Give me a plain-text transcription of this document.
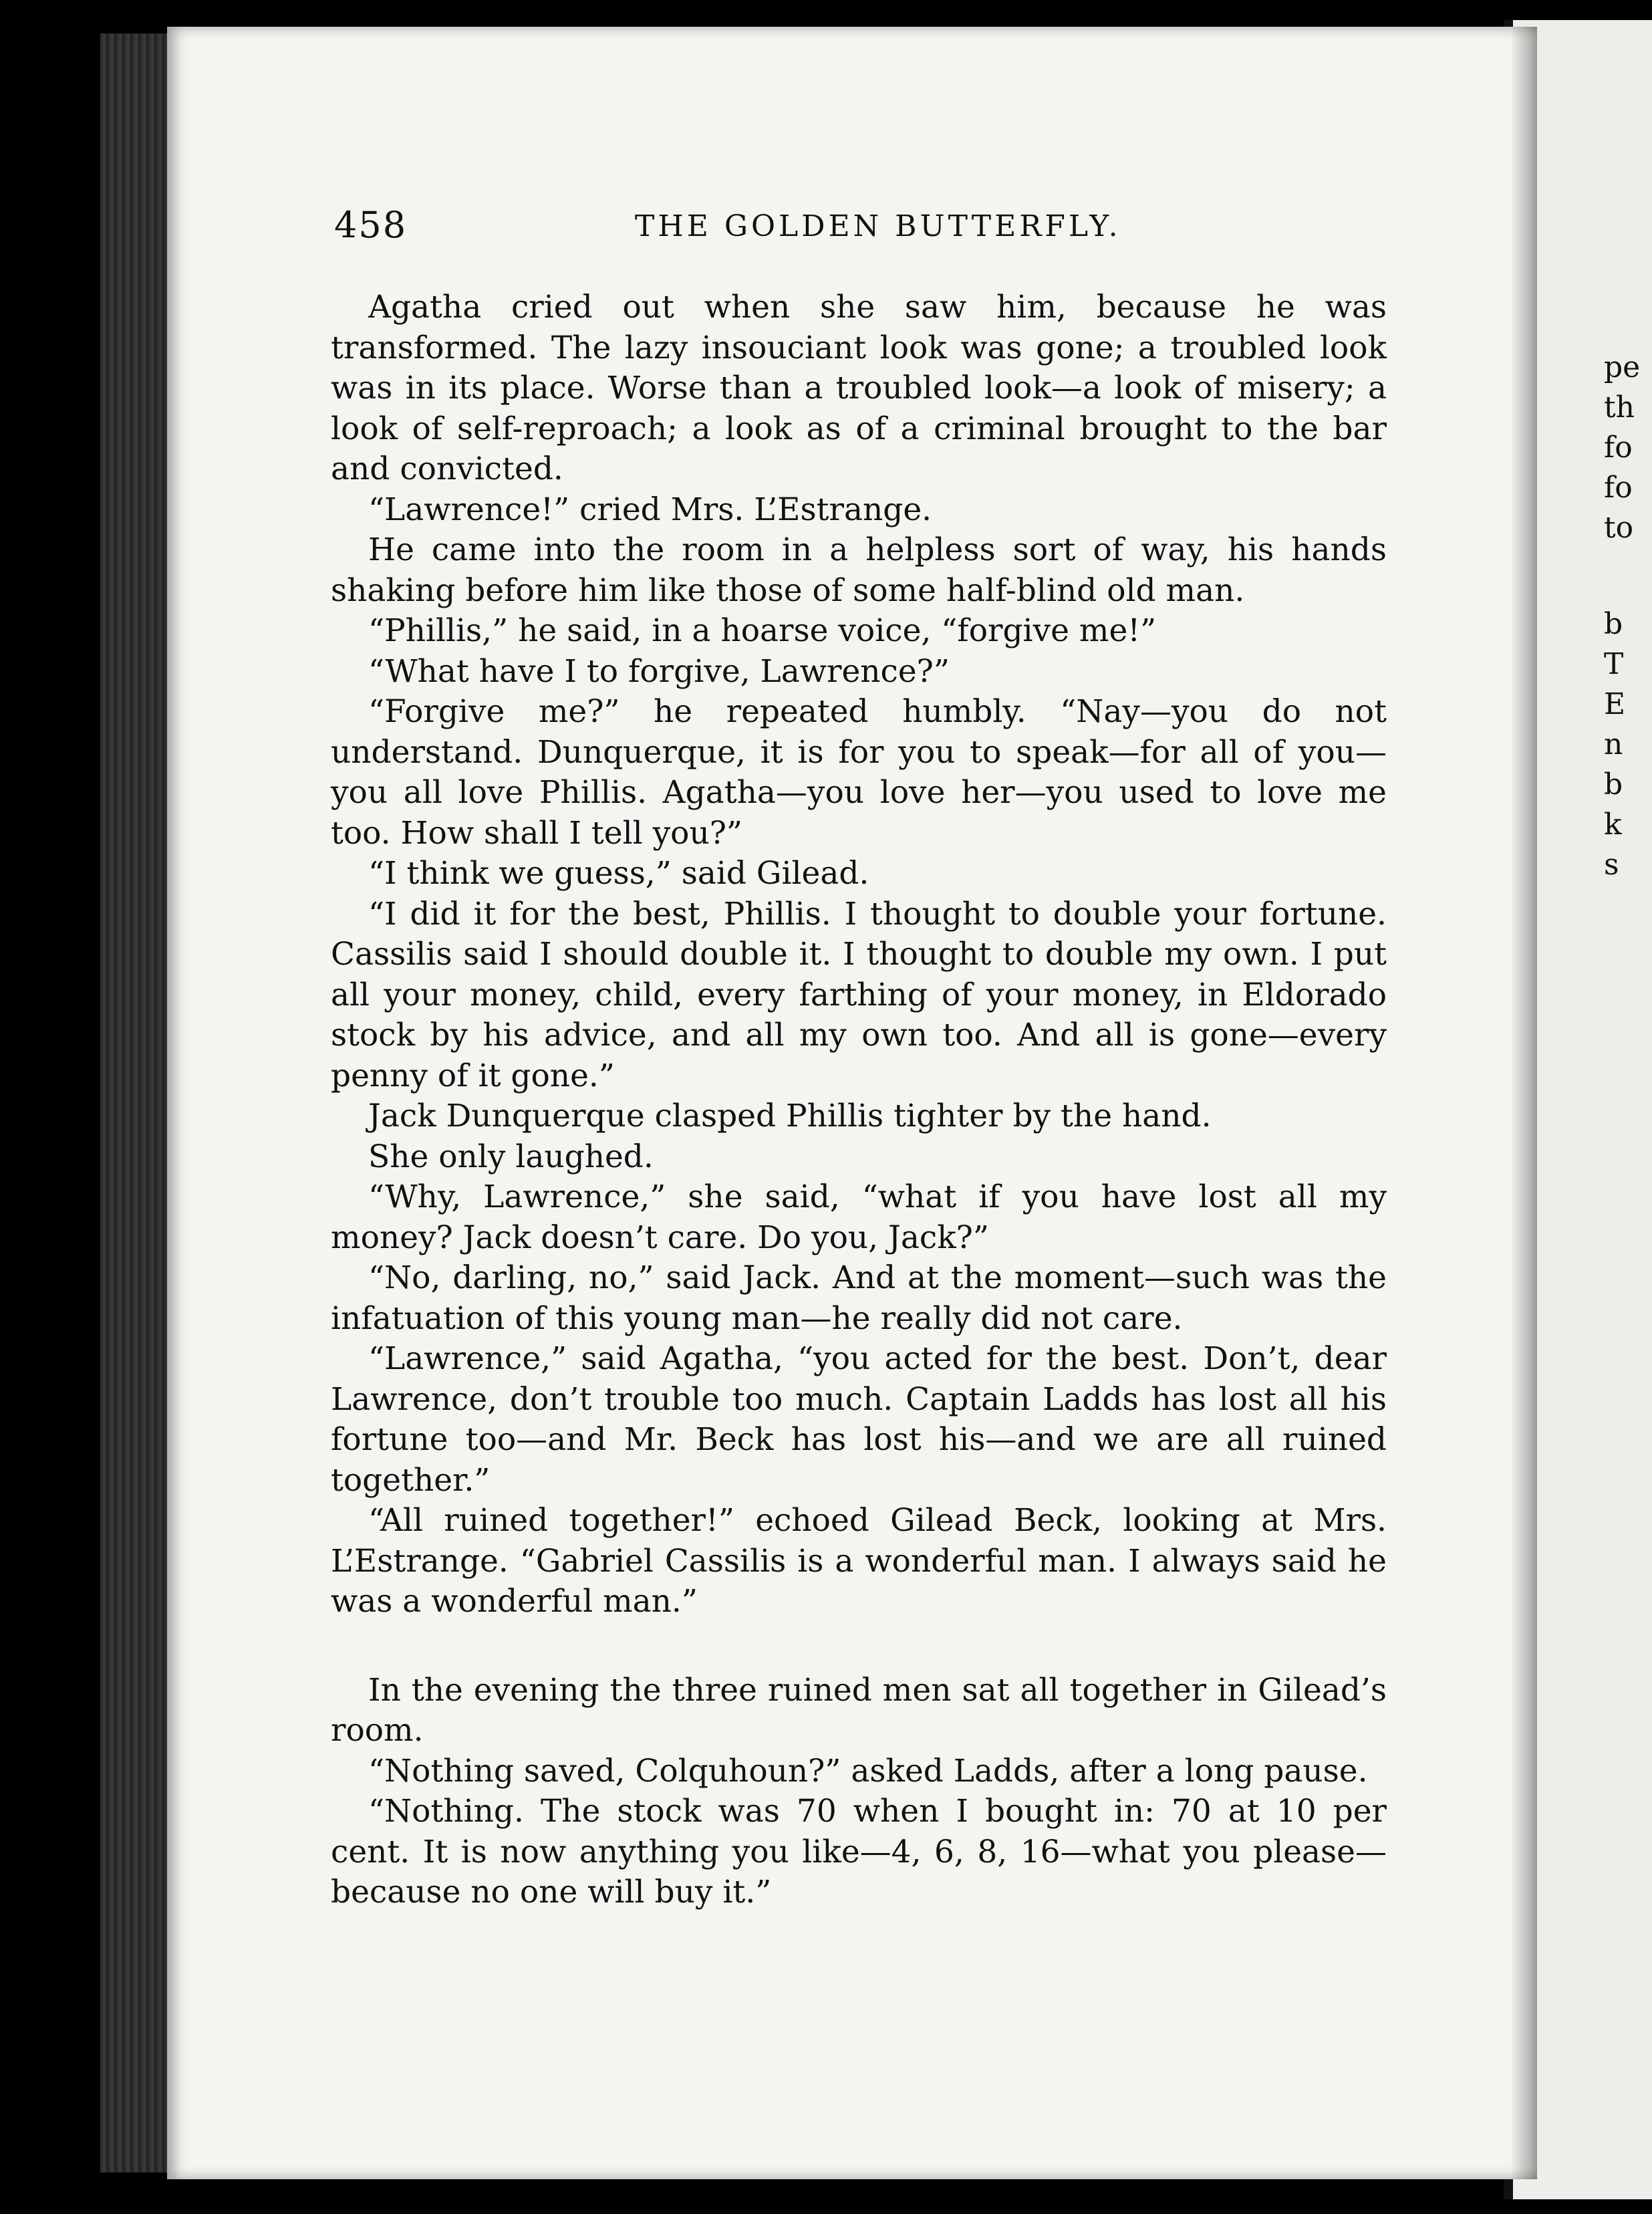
pe
th
fo
fo
to
b
T
E
n
b
k
s
458	THE GOLDEN BUTTERFLY.

Agatha cried out when she saw him, because he was transformed. The lazy insouciant look was gone; a troubled look was in its place. Worse than a troubled look—a look of misery; a look of self-reproach; a look as of a criminal brought to the bar and convicted.

“Lawrence!” cried Mrs. L’Estrange.

He came into the room in a helpless sort of way, his hands shaking before him like those of some half-blind old man.

“Phillis,” he said, in a hoarse voice, “forgive me!”

“What have I to forgive, Lawrence?”

“Forgive me?” he repeated humbly. “Nay—you do not understand. Dunquerque, it is for you to speak—for all of you—you all love Phillis. Agatha—you love her—you used to love me too. How shall I tell you?”

“I think we guess,” said Gilead.

“I did it for the best, Phillis. I thought to double your fortune. Cassilis said I should double it. I thought to double my own. I put all your money, child, every farthing of your money, in Eldorado stock by his advice, and all my own too. And all is gone—every penny of it gone.”

Jack Dunquerque clasped Phillis tighter by the hand.

She only laughed.

“Why, Lawrence,” she said, “what if you have lost all my money? Jack doesn’t care. Do you, Jack?”

“No, darling, no,” said Jack. And at the moment—such was the infatuation of this young man—he really did not care.

“Lawrence,” said Agatha, “you acted for the best. Don’t, dear Lawrence, don’t trouble too much. Captain Ladds has lost all his fortune too—and Mr. Beck has lost his—and we are all ruined together.”

“All ruined together!” echoed Gilead Beck, looking at Mrs. L’Estrange. “Gabriel Cassilis is a wonderful man. I always said he was a wonderful man.”

In the evening the three ruined men sat all together in Gilead’s room.

“Nothing saved, Colquhoun?” asked Ladds, after a long pause.

“Nothing. The stock was 70 when I bought in: 70 at 10 per cent. It is now anything you like—4, 6, 8, 16—what you please—because no one will buy it.”
